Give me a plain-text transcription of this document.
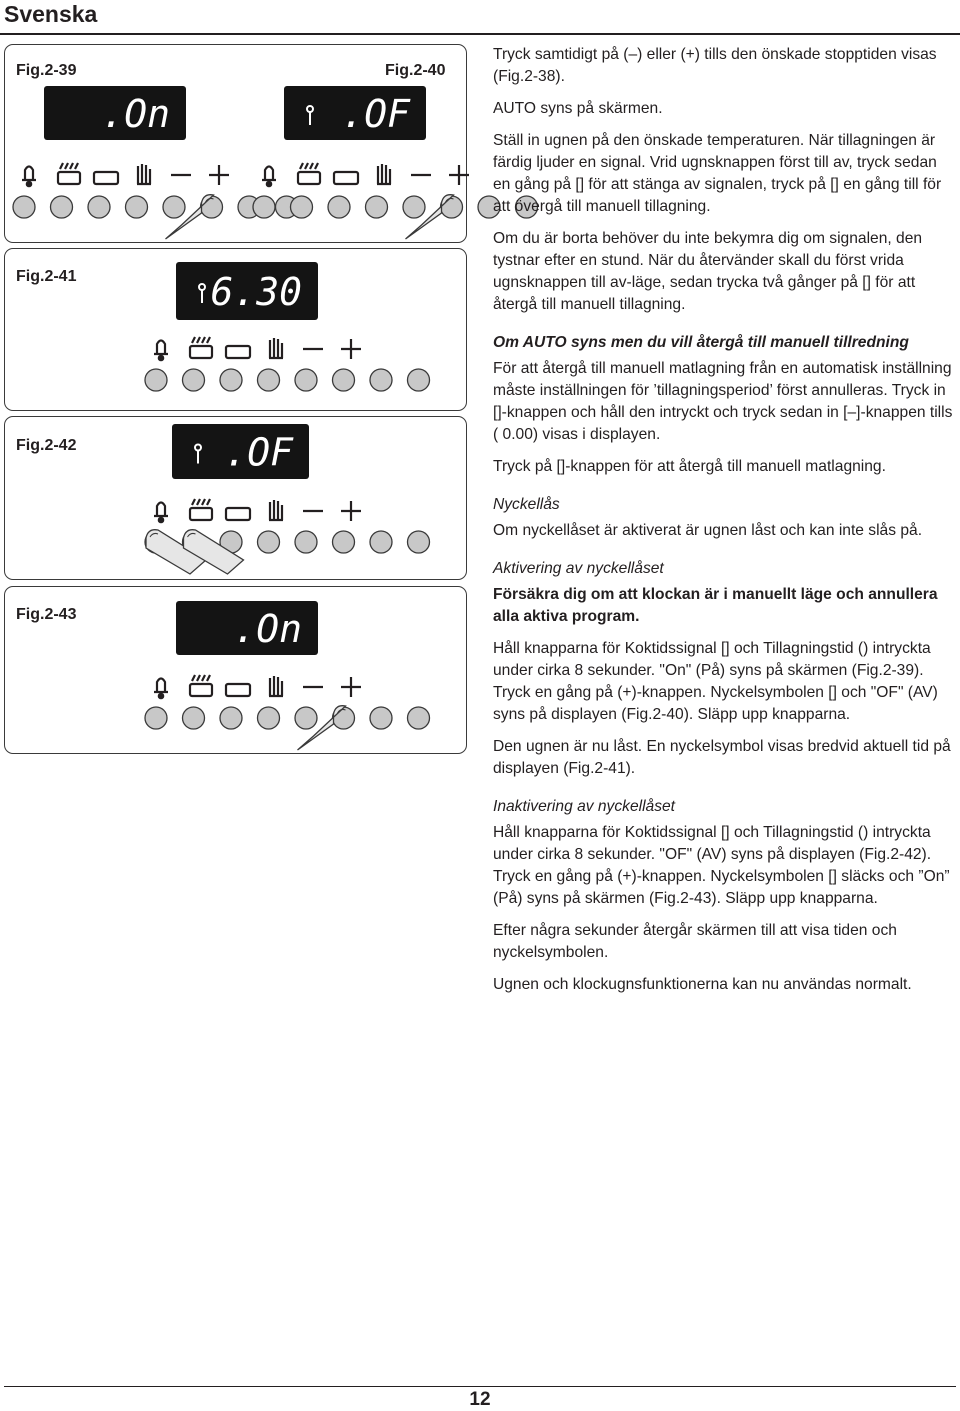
Svenska
Fig.2-39	Fig.2-40
Fig.2-41
Fig.2-42
Fig.2-43
.On	.OF
6.30
.OF
.On

Tryck samtidigt på (–) eller (+) tills den önskade stopptiden visas (Fig.2-38).

AUTO syns på skärmen.

Ställ in ugnen på den önskade temperaturen. När tillagningen är färdig ljuder en signal. Vrid ugnsknappen först till av, tryck sedan en gång på [] för att stänga av signalen, tryck på [] en gång till för att övergå till manuell tillagning.

Om du är borta behöver du inte bekymra dig om signalen, den tystnar efter en stund. När du återvänder skall du först vrida ugnsknappen till av-läge, sedan trycka två gånger på [] för att återgå till manuell tillagning.

Om AUTO syns men du vill återgå till manuell tillredning

För att återgå till manuell matlagning från en automatisk inställning måste inställningen för ’tillagningsperiod’ först annulleras. Tryck in []-knappen och håll den intryckt och tryck sedan in [–]-knappen tills ( 0.00) visas i displayen.

Tryck på []-knappen för att återgå till manuell matlagning.

Nyckellås

Om nyckellåset är aktiverat är ugnen låst och kan inte slås på.

Aktivering av nyckellåset

Försäkra dig om att klockan är i manuellt läge och annullera alla aktiva program.

Håll knapparna för Koktidssignal [] och Tillagningstid () intryckta under cirka 8 sekunder. "On" (På) syns på skärmen (Fig.2-39). Tryck en gång på (+)-knappen. Nyckelsymbolen [] och "OF" (AV) syns på displayen (Fig.2-40). Släpp upp knapparna.

Den ugnen är nu låst. En nyckelsymbol visas bredvid aktuell tid på displayen (Fig.2-41).

Inaktivering av nyckellåset

Håll knapparna för Koktidssignal [] och Tillagningstid () intryckta under cirka 8 sekunder. "OF" (AV) syns på displayen (Fig.2-42). Tryck en gång på (+)-knappen. Nyckelsymbolen [] släcks och ”On” (På) syns på skärmen (Fig.2-43). Släpp upp knapparna.

Efter några sekunder återgår skärmen till att visa tiden och nyckelsymbolen.

Ugnen och klockugnsfunktionerna kan nu användas normalt.

12
